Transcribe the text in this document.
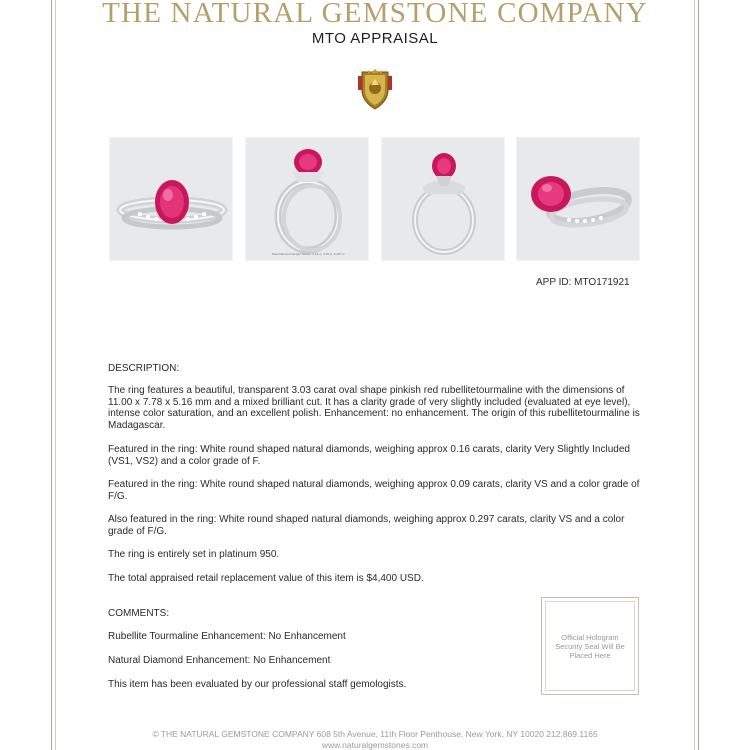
THE NATURAL GEMSTONE COMPANY
MTO APPRAISAL
Total Diamond Weight Shown: 0.16 ct, 0.09 ct, 0.297 ct
APP ID: MTO171921
DESCRIPTION:
The ring features a beautiful, transparent 3.03 carat oval shape pinkish red rubellitetourmaline with the dimensions of 11.00 x 7.78 x 5.16 mm and a mixed brilliant cut. It has a clarity grade of very slightly included (evaluated at eye level), intense color saturation, and an excellent polish. Enhancement: no enhancement. The origin of this rubellitetourmaline is Madagascar.
Featured in the ring: White round shaped natural diamonds, weighing approx 0.16 carats, clarity Very Slightly Included (VS1, VS2) and a color grade of F.
Featured in the ring: White round shaped natural diamonds, weighing approx 0.09 carats, clarity VS and a color grade of F/G.
Also featured in the ring: White round shaped natural diamonds, weighing approx 0.297 carats, clarity VS and a color grade of F/G.
The ring is entirely set in platinum 950.
The total appraised retail replacement value of this item is $4,400 USD.
COMMENTS:
Rubellite Tourmaline Enhancement: No Enhancement
Natural Diamond Enhancement: No Enhancement
This item has been evaluated by our professional staff gemologists.
Official Hologram Security Seal Will Be Placed Here
© THE NATURAL GEMSTONE COMPANY 608 5th Avenue, 11th Floor Penthouse, New York, NY 10020 212.869.1165
www.naturalgemstones.com
